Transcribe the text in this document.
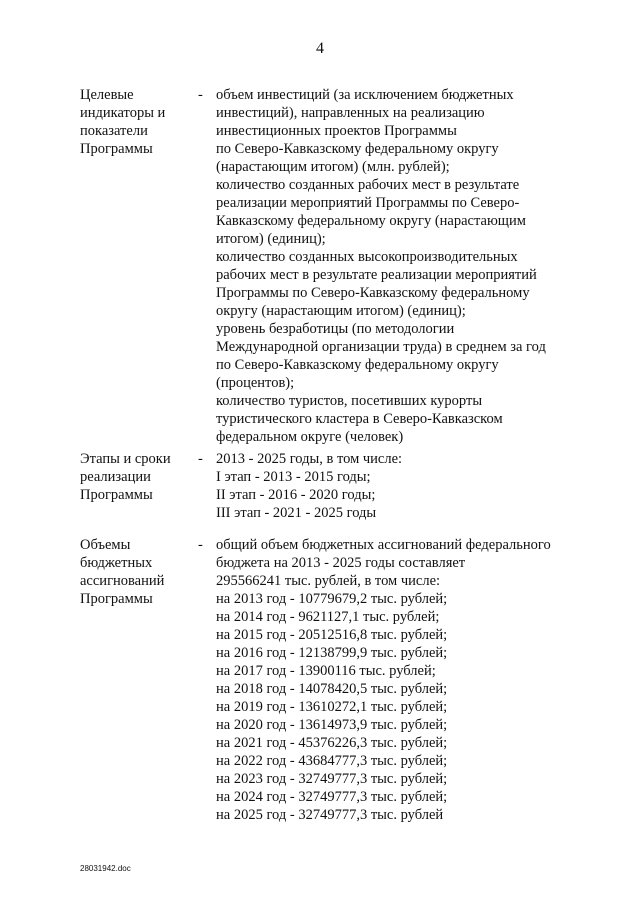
4
Целевые
индикаторы и
показатели
Программы
- объем инвестиций (за исключением бюджетных
инвестиций), направленных на реализацию
инвестиционных проектов Программы
по Северо-Кавказскому федеральному округу
(нарастающим итогом) (млн. рублей);
количество созданных рабочих мест в результате
реализации мероприятий Программы по Северо-
Кавказскому федеральному округу (нарастающим
итогом) (единиц);
количество созданных высокопроизводительных
рабочих мест в результате реализации мероприятий
Программы по Северо-Кавказскому федеральному
округу (нарастающим итогом) (единиц);
уровень безработицы (по методологии
Международной организации труда) в среднем за год
по Северо-Кавказскому федеральному округу
(процентов);
количество туристов, посетивших курорты
туристического кластера в Северо-Кавказском
федеральном округе (человек)
Этапы и сроки
реализации
Программы
- 2013 - 2025 годы, в том числе:
I этап - 2013 - 2015 годы;
II этап - 2016 - 2020 годы;
III этап - 2021 - 2025 годы
Объемы
бюджетных
ассигнований
Программы
- общий объем бюджетных ассигнований федерального
бюджета на 2013 - 2025 годы составляет
295566241 тыс. рублей, в том числе:
на 2013 год - 10779679,2 тыс. рублей;
на 2014 год - 9621127,1 тыс. рублей;
на 2015 год - 20512516,8 тыс. рублей;
на 2016 год - 12138799,9 тыс. рублей;
на 2017 год - 13900116 тыс. рублей;
на 2018 год - 14078420,5 тыс. рублей;
на 2019 год - 13610272,1 тыс. рублей;
на 2020 год - 13614973,9 тыс. рублей;
на 2021 год - 45376226,3 тыс. рублей;
на 2022 год - 43684777,3 тыс. рублей;
на 2023 год - 32749777,3 тыс. рублей;
на 2024 год - 32749777,3 тыс. рублей;
на 2025 год - 32749777,3 тыс. рублей
28031942.doc
